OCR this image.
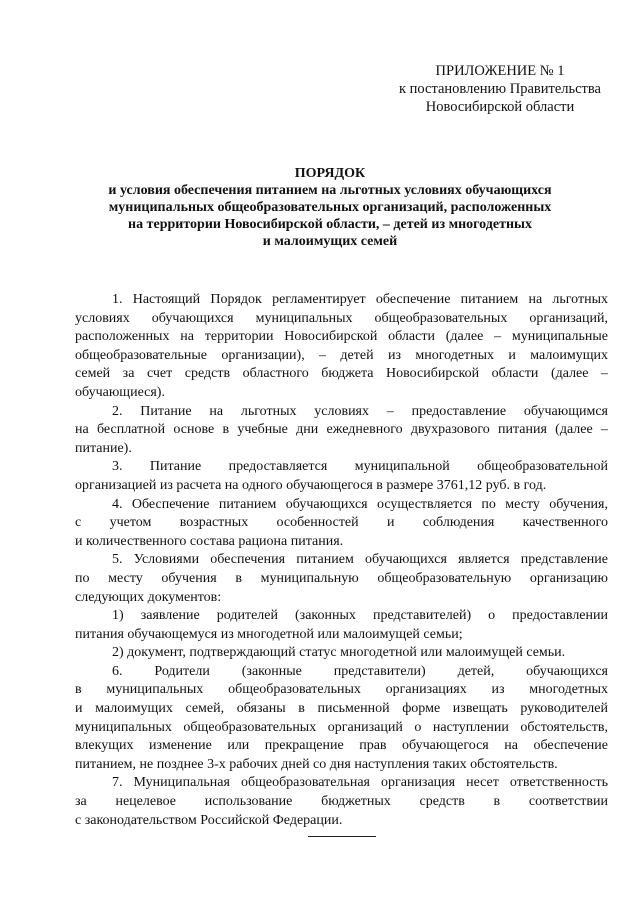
ПРИЛОЖЕНИЕ № 1
к постановлению Правительства
Новосибирской области
ПОРЯДОК
и условия обеспечения питанием на льготных условиях обучающихся
муниципальных общеобразовательных организаций, расположенных
на территории Новосибирской области, – детей из многодетных
и малоимущих семей
1. Настоящий Порядок регламентирует обеспечение питанием на льготных
условиях обучающихся муниципальных общеобразовательных организаций,
расположенных на территории Новосибирской области (далее – муниципальные
общеобразовательные организации), – детей из многодетных и малоимущих
семей за счет средств областного бюджета Новосибирской области (далее –
обучающиеся).
2. Питание на льготных условиях – предоставление обучающимся
на бесплатной основе в учебные дни ежедневного двухразового питания (далее –
питание).
3. Питание предоставляется муниципальной общеобразовательной
организацией из расчета на одного обучающегося в размере 3761,12 руб. в год.
4. Обеспечение питанием обучающихся осуществляется по месту обучения,
с учетом возрастных особенностей и соблюдения качественного
и количественного состава рациона питания.
5. Условиями обеспечения питанием обучающихся является представление
по месту обучения в муниципальную общеобразовательную организацию
следующих документов:
1) заявление родителей (законных представителей) о предоставлении
питания обучающемуся из многодетной или малоимущей семьи;
2) документ, подтверждающий статус многодетной или малоимущей семьи.
6. Родители (законные представители) детей, обучающихся
в муниципальных общеобразовательных организациях из многодетных
и малоимущих семей, обязаны в письменной форме извещать руководителей
муниципальных общеобразовательных организаций о наступлении обстоятельств,
влекущих изменение или прекращение прав обучающегося на обеспечение
питанием, не позднее 3-х рабочих дней со дня наступления таких обстоятельств.
7. Муниципальная общеобразовательная организация несет ответственность
за нецелевое использование бюджетных средств в соответствии
с законодательством Российской Федерации.
